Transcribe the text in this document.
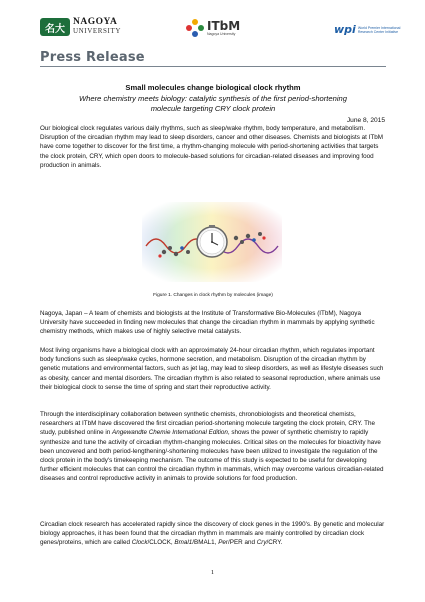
名大
NAGOYA
UNIVERSITY	ITbM
Nagoya University	wpi World Premier International
Research Center Initiative
Press Release
Small molecules change biological clock rhythm
Where chemistry meets biology: catalytic synthesis of the first period-shortening
molecule targeting CRY clock protein
June 8, 2015

Our biological clock regulates various daily rhythms, such as sleep/wake rhythm, body temperature, and metabolism. Disruption of the circadian rhythm may lead to sleep disorders, cancer and other diseases. Chemists and biologists at ITbM have come together to discover for the first time, a rhythm-changing molecule with period-shortening activities that targets the clock protein, CRY, which open doors to molecule-based solutions for circadian-related diseases and improving food production in animals.

Figure 1. Changes in clock rhythm by molecules (image)

Nagoya, Japan – A team of chemists and biologists at the Institute of Transformative Bio-Molecules (ITbM), Nagoya University have succeeded in finding new molecules that change the circadian rhythm in mammals by applying synthetic chemistry methods, which makes use of highly selective metal catalysts.

Most living organisms have a biological clock with an approximately 24-hour circadian rhythm, which regulates important body functions such as sleep/wake cycles, hormone secretion, and metabolism. Disruption of the circadian rhythm by genetic mutations and environmental factors, such as jet lag, may lead to sleep disorders, as well as lifestyle diseases such as obesity, cancer and mental disorders. The circadian rhythm is also related to seasonal reproduction, where animals use their biological clock to sense the time of spring and start their reproductive activity.

Through the interdisciplinary collaboration between synthetic chemists, chronobiologists and theoretical chemists, researchers at ITbM have discovered the first circadian period-shortening molecule targeting the clock protein, CRY. The study, published online in Angewandte Chemie International Edition, shows the power of synthetic chemistry to rapidly synthesize and tune the activity of circadian rhythm-changing molecules. Critical sites on the molecules for bioactivity have been uncovered and both period-lengthening/-shortening molecules have been utilized to investigate the regulation of the clock protein in the body's timekeeping mechanism. The outcome of this study is expected to be useful for developing further efficient molecules that can control the circadian rhythm in mammals, which may overcome various circadian-related diseases and control reproductive activity in animals to provide solutions for food production.

Circadian clock research has accelerated rapidly since the discovery of clock genes in the 1990's. By genetic and molecular biology approaches, it has been found that the circadian rhythm in mammals are mainly controlled by circadian clock genes/proteins, which are called Clock/CLOCK, Bmal1/BMAL1, Per/PER and Cry/CRY.

1
